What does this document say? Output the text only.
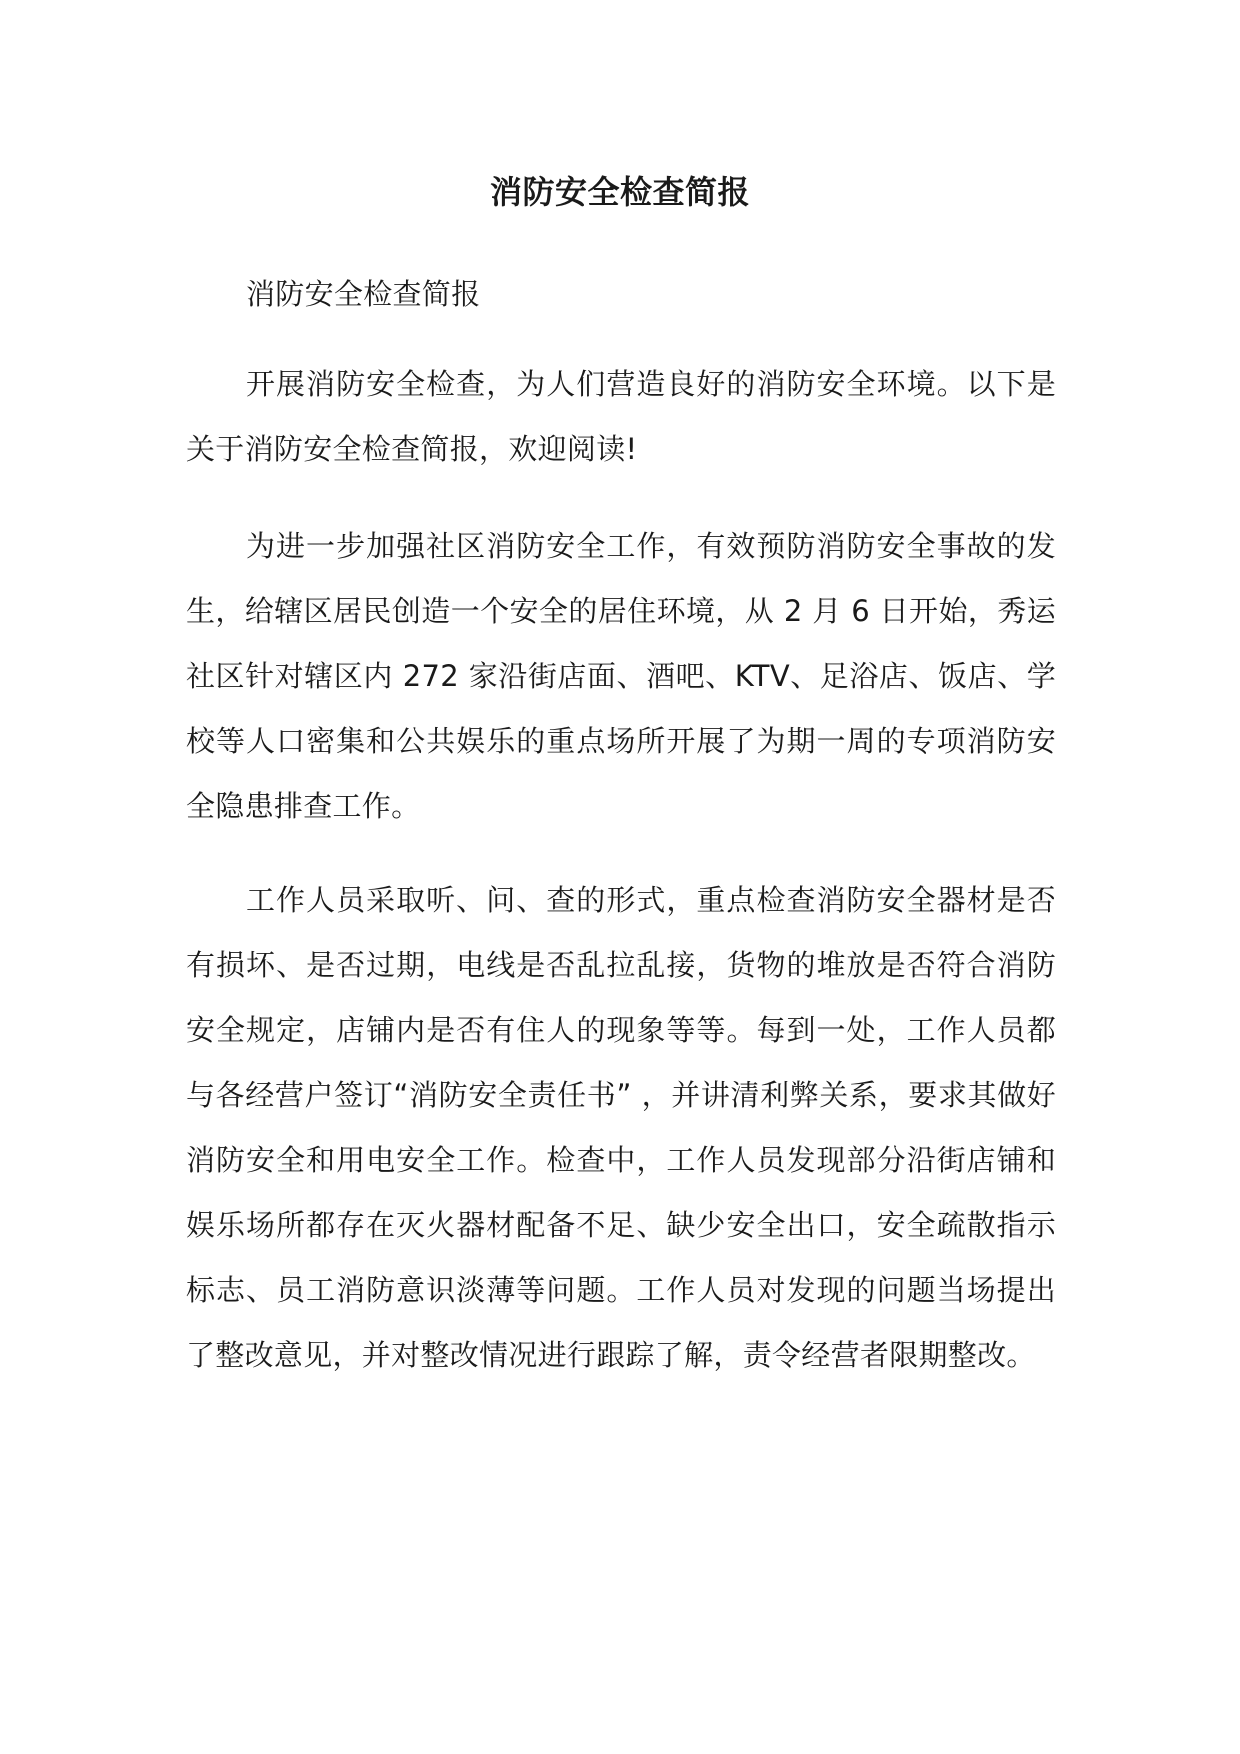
消防安全检查简报

消防安全检查简报

开展消防安全检查，为人们营造良好的消防安全环境。以下是关于消防安全检查简报，欢迎阅读!

为进一步加强社区消防安全工作，有效预防消防安全事故的发生，给辖区居民创造一个安全的居住环境，从 2 月 6 日开始，秀运社区针对辖区内 272 家沿街店面、酒吧、KTV、足浴店、饭店、学校等人口密集和公共娱乐的重点场所开展了为期一周的专项消防安全隐患排查工作。

工作人员采取听、问、查的形式，重点检查消防安全器材是否有损坏、是否过期，电线是否乱拉乱接，货物的堆放是否符合消防安全规定，店铺内是否有住人的现象等等。每到一处，工作人员都与各经营户签订“消防安全责任书” ，并讲清利弊关系，要求其做好消防安全和用电安全工作。检查中，工作人员发现部分沿街店铺和娱乐场所都存在灭火器材配备不足、缺少安全出口，安全疏散指示标志、员工消防意识淡薄等问题。工作人员对发现的问题当场提出了整改意见，并对整改情况进行跟踪了解，责令经营者限期整改。
